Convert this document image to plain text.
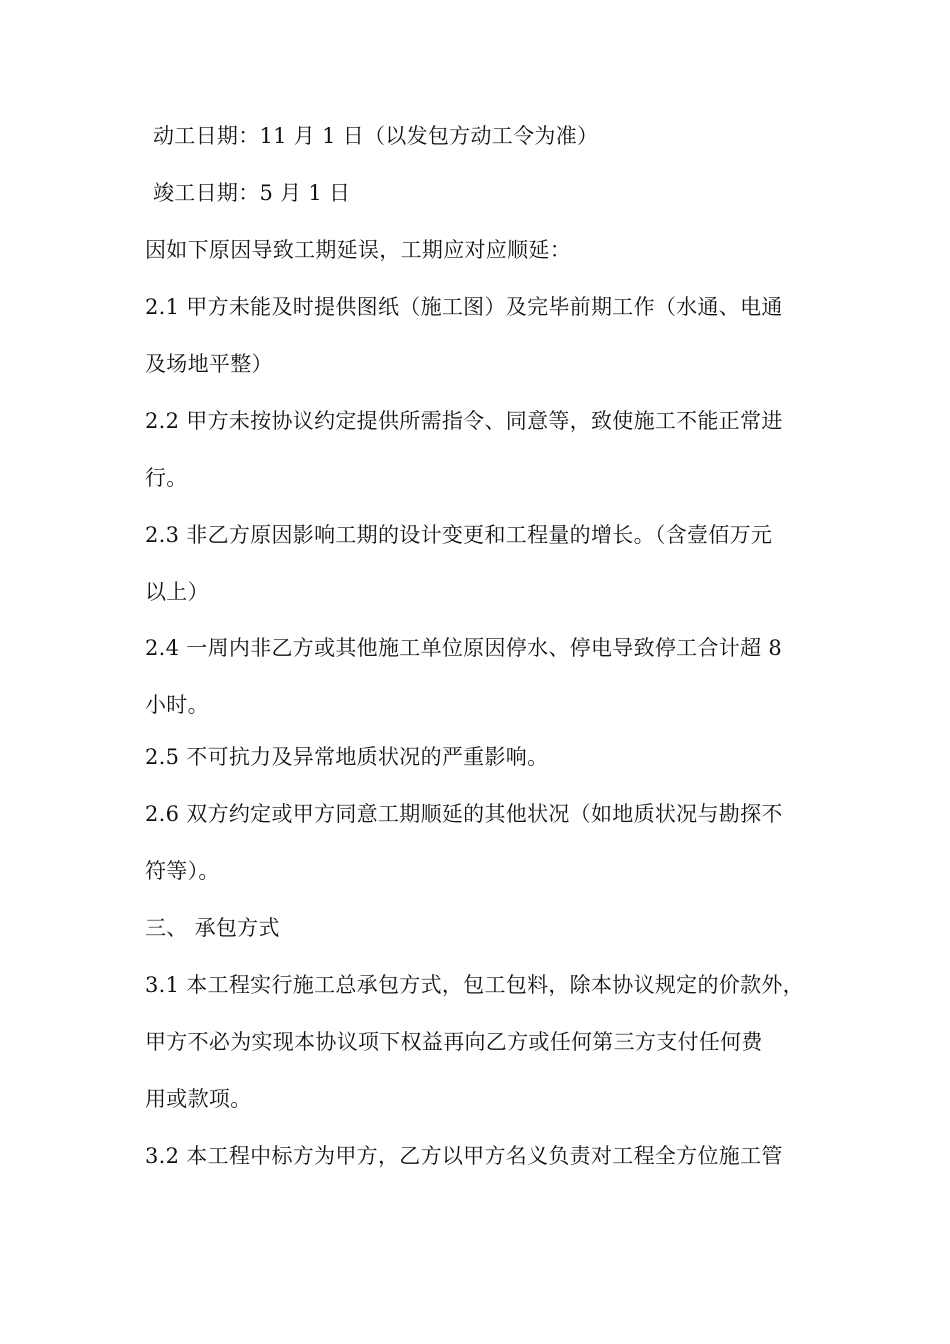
动工日期：11 月 1 日（以发包方动工令为准）
竣工日期：5 月 1 日
因如下原因导致工期延误，工期应对应顺延：
2.1 甲方未能及时提供图纸（施工图）及完毕前期工作（水通、电通
及场地平整）
2.2 甲方未按协议约定提供所需指令、同意等，致使施工不能正常进
行。
2.3 非乙方原因影响工期的设计变更和工程量的增长。（含壹佰万元
以上）
2.4 一周内非乙方或其他施工单位原因停水、停电导致停工合计超 8
小时。
2.5 不可抗力及异常地质状况的严重影响。
2.6 双方约定或甲方同意工期顺延的其他状况（如地质状况与勘探不
符等）。
三、 承包方式
3.1 本工程实行施工总承包方式，包工包料，除本协议规定的价款外，
甲方不必为实现本协议项下权益再向乙方或任何第三方支付任何费
用或款项。
3.2 本工程中标方为甲方，乙方以甲方名义负责对工程全方位施工管
